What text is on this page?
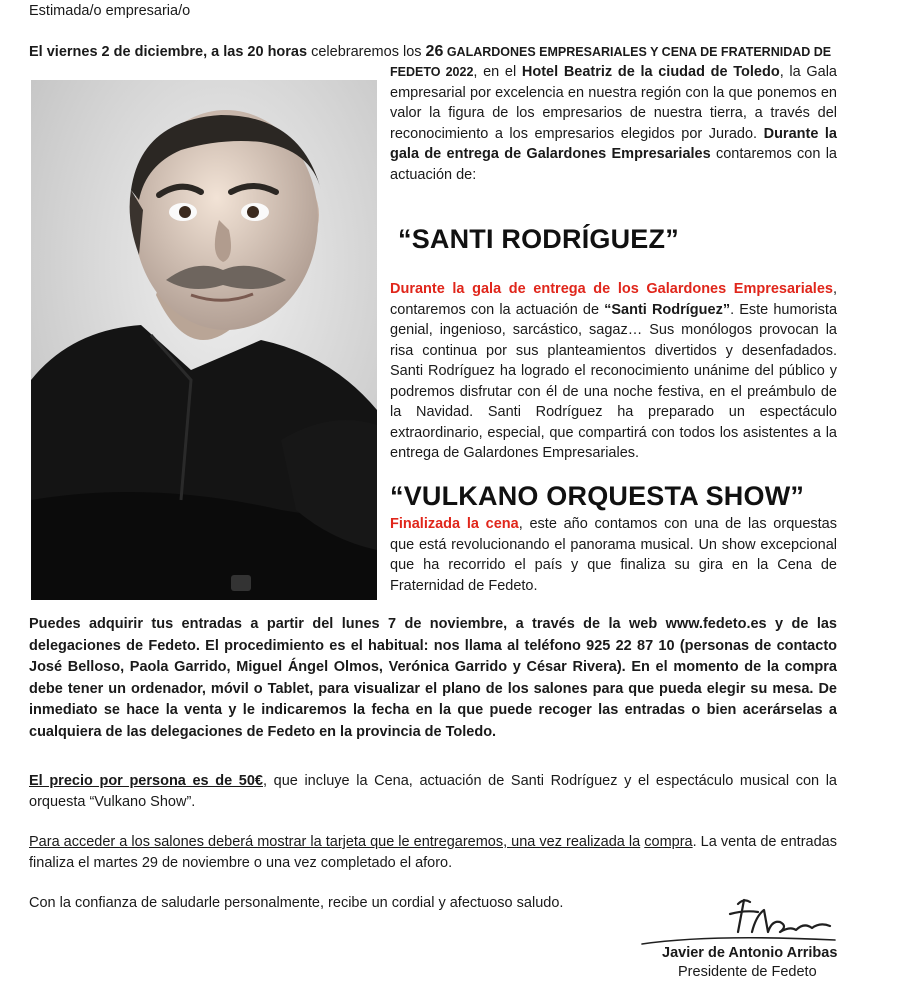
Estimada/o empresaria/o
El viernes 2 de diciembre, a las 20 horas celebraremos los 26 GALARDONES EMPRESARIALES Y CENA DE FRATERNIDAD DE
FEDETO 2022, en el Hotel Beatriz de la ciudad de Toledo, la Gala empresarial por excelencia en nuestra región con la que ponemos en valor la figura de los empresarios de nuestra tierra, a través del reconocimiento a los empresarios elegidos por Jurado. Durante la gala de entrega de Galardones Empresariales contaremos con la actuación de:
“SANTI RODRÍGUEZ”
Durante la gala de entrega de los Galardones Empresariales, contaremos con la actuación de “Santi Rodríguez”. Este humorista genial, ingenioso, sarcástico, sagaz… Sus monólogos provocan la risa continua por sus planteamientos divertidos y desenfadados. Santi Rodríguez ha logrado el reconocimiento unánime del público y podremos disfrutar con él de una noche festiva, en el preámbulo de la Navidad. Santi Rodríguez ha preparado un espectáculo extraordinario, especial, que compartirá con todos los asistentes a la entrega de Galardones Empresariales.
“VULKANO ORQUESTA SHOW”
Finalizada la cena, este año contamos con una de las orquestas que está revolucionando el panorama musical. Un show excepcional que ha recorrido el país y que finaliza su gira en la Cena de Fraternidad de Fedeto.
Puedes adquirir tus entradas a partir del lunes 7 de noviembre, a través de la web www.fedeto.es y de las delegaciones de Fedeto. El procedimiento es el habitual: nos llama al teléfono 925 22 87 10 (personas de contacto José Belloso, Paola Garrido, Miguel Ángel Olmos, Verónica Garrido y César Rivera). En el momento de la compra debe tener un ordenador, móvil o Tablet, para visualizar el plano de los salones para que pueda elegir su mesa. De inmediato se hace la venta y le indicaremos la fecha en la que puede recoger las entradas o bien acerárselas a cualquiera de las delegaciones de Fedeto en la provincia de Toledo.
El precio por persona es de 50€, que incluye la Cena, actuación de Santi Rodríguez y el espectáculo musical con la orquesta “Vulkano Show”.
Para acceder a los salones deberá mostrar la tarjeta que le entregaremos, una vez realizada la compra. La venta de entradas finaliza el martes 29 de noviembre o una vez completado el aforo.
Con la confianza de saludarle personalmente, recibe un cordial y afectuoso saludo.
Javier de Antonio Arribas
Presidente de Fedeto
